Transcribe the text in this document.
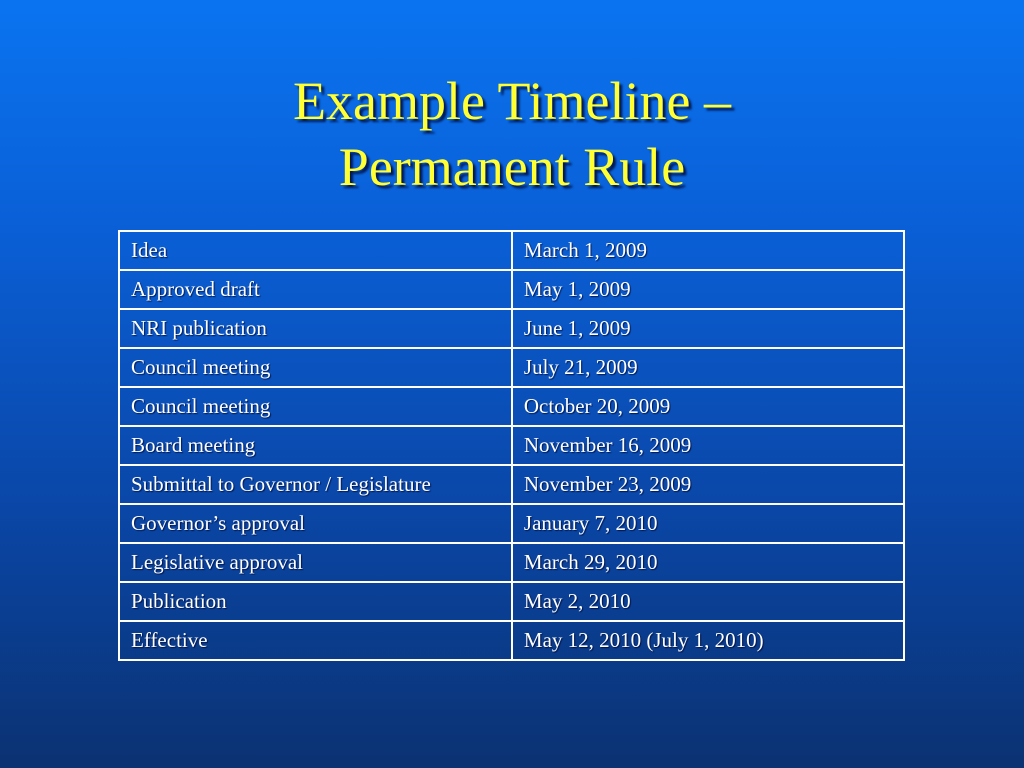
Example Timeline –
Permanent Rule
Idea	March 1, 2009
Approved draft	May 1, 2009
NRI publication	June 1, 2009
Council meeting	July 21, 2009
Council meeting	October 20, 2009
Board meeting	November 16, 2009
Submittal to Governor / Legislature	November 23, 2009
Governor’s approval	January 7, 2010
Legislative approval	March 29, 2010
Publication	May 2, 2010
Effective	May 12, 2010 (July 1, 2010)
